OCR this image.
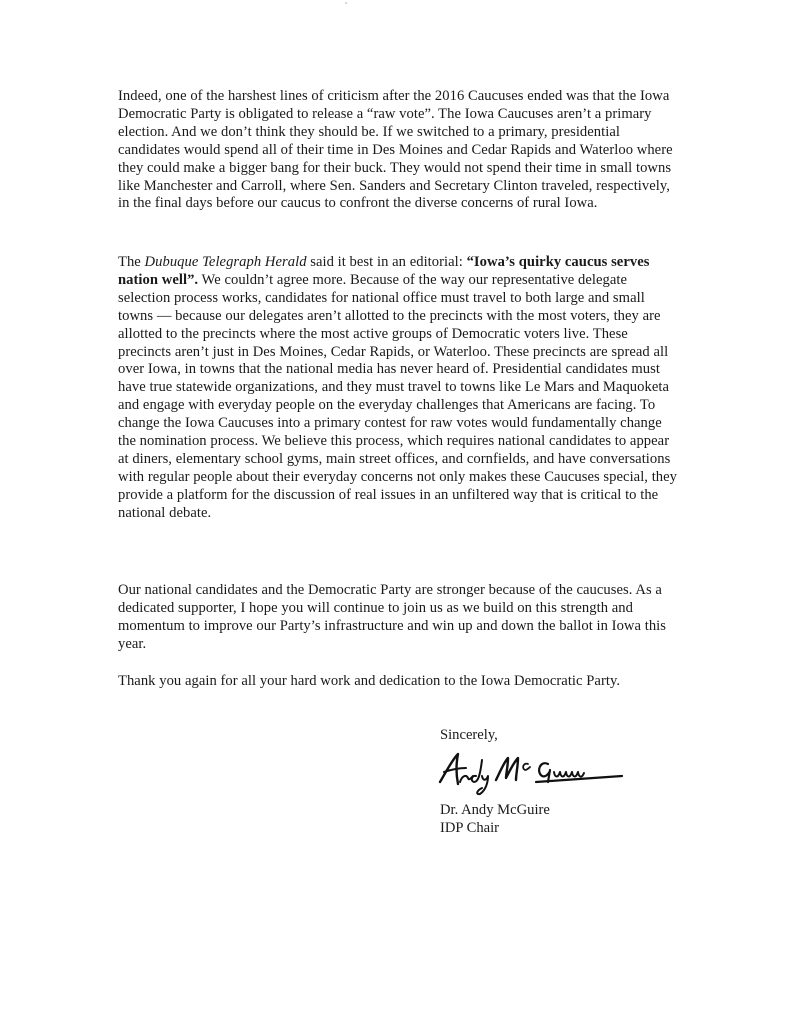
Indeed, one of the harshest lines of criticism after the 2016 Caucuses ended was that the Iowa Democratic Party is obligated to release a “raw vote”. The Iowa Caucuses aren’t a primary election. And we don’t think they should be. If we switched to a primary, presidential candidates would spend all of their time in Des Moines and Cedar Rapids and Waterloo where they could make a bigger bang for their buck. They would not spend their time in small towns like Manchester and Carroll, where Sen. Sanders and Secretary Clinton traveled, respectively, in the final days before our caucus to confront the diverse concerns of rural Iowa.

The Dubuque Telegraph Herald said it best in an editorial: “Iowa’s quirky caucus serves nation well”. We couldn’t agree more. Because of the way our representative delegate selection process works, candidates for national office must travel to both large and small towns — because our delegates aren’t allotted to the precincts with the most voters, they are allotted to the precincts where the most active groups of Democratic voters live. These precincts aren’t just in Des Moines, Cedar Rapids, or Waterloo. These precincts are spread all over Iowa, in towns that the national media has never heard of. Presidential candidates must have true statewide organizations, and they must travel to towns like Le Mars and Maquoketa and engage with everyday people on the everyday challenges that Americans are facing. To change the Iowa Caucuses into a primary contest for raw votes would fundamentally change the nomination process. We believe this process, which requires national candidates to appear at diners, elementary school gyms, main street offices, and cornfields, and have conversations with regular people about their everyday concerns not only makes these Caucuses special, they provide a platform for the discussion of real issues in an unfiltered way that is critical to the national debate.

Our national candidates and the Democratic Party are stronger because of the caucuses. As a dedicated supporter, I hope you will continue to join us as we build on this strength and momentum to improve our Party’s infrastructure and win up and down the ballot in Iowa this year.

Thank you again for all your hard work and dedication to the Iowa Democratic Party.

Sincerely,
Dr. Andy McGuire
IDP Chair
